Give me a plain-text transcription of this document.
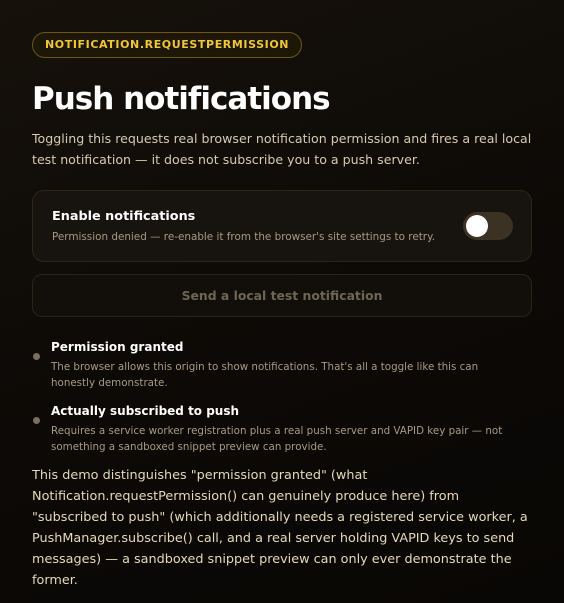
NOTIFICATION.REQUESTPERMISSION
Push notifications

Toggling this requests real browser notification permission and fires a real local test notification — it does not subscribe you to a push server.

Enable notifications
Permission denied — re-enable it from the browser's site settings to retry.
Send a local test notification
Permission granted
The browser allows this origin to show notifications. That's all a toggle like this can honestly demonstrate.
Actually subscribed to push
Requires a service worker registration plus a real push server and VAPID key pair — not something a sandboxed snippet preview can provide.
This demo distinguishes "permission granted" (what Notification.requestPermission() can genuinely produce here) from "subscribed to push" (which additionally needs a registered service worker, a PushManager.subscribe() call, and a real server holding VAPID keys to send messages) — a sandboxed snippet preview can only ever demonstrate the former.
